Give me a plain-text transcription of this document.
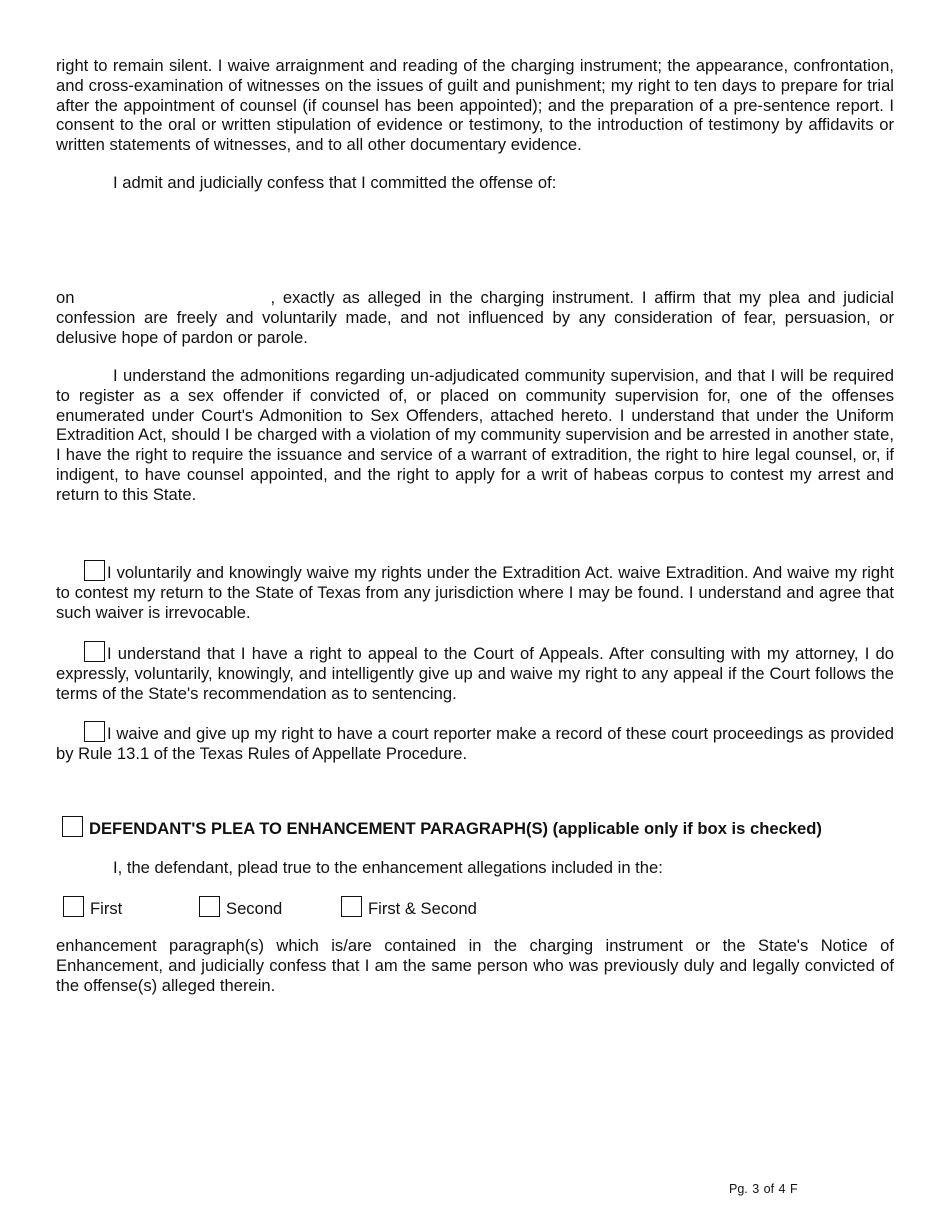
right to remain silent. I waive arraignment and reading of the charging instrument; the appearance, confrontation, and cross-examination of witnesses on the issues of guilt and punishment; my right to ten days to prepare for trial after the appointment of counsel (if counsel has been appointed); and the preparation of a pre-sentence report. I consent to the oral or written stipulation of evidence or testimony, to the introduction of testimony by affidavits or written statements of witnesses, and to all other documentary evidence.

I admit and judicially confess that I committed the offense of:

on	, exactly as alleged in the charging instrument. I affirm that my plea and judicial confession are freely and voluntarily made, and not influenced by any consideration of fear, persuasion, or delusive hope of pardon or parole.

I understand the admonitions regarding un-adjudicated community supervision, and that I will be required to register as a sex offender if convicted of, or placed on community supervision for, one of the offenses enumerated under Court's Admonition to Sex Offenders, attached hereto. I understand that under the Uniform Extradition Act, should I be charged with a violation of my community supervision and be arrested in another state, I have the right to require the issuance and service of a warrant of extradition, the right to hire legal counsel, or, if indigent, to have counsel appointed, and the right to apply for a writ of habeas corpus to contest my arrest and return to this State.

I voluntarily and knowingly waive my rights under the Extradition Act. waive Extradition. And waive my right to contest my return to the State of Texas from any jurisdiction where I may be found. I understand and agree that such waiver is irrevocable.

I understand that I have a right to appeal to the Court of Appeals. After consulting with my attorney, I do expressly, voluntarily, knowingly, and intelligently give up and waive my right to any appeal if the Court follows the terms of the State's recommendation as to sentencing.

I waive and give up my right to have a court reporter make a record of these court proceedings as provided by Rule 13.1 of the Texas Rules of Appellate Procedure.

DEFENDANT'S PLEA TO ENHANCEMENT PARAGRAPH(S) (applicable only if box is checked)

I, the defendant, plead true to the enhancement allegations included in the:

First	Second	First & Second

enhancement paragraph(s) which is/are contained in the charging instrument or the State's Notice of Enhancement, and judicially confess that I am the same person who was previously duly and legally convicted of the offense(s) alleged therein.

Pg. 3 of 4 F
